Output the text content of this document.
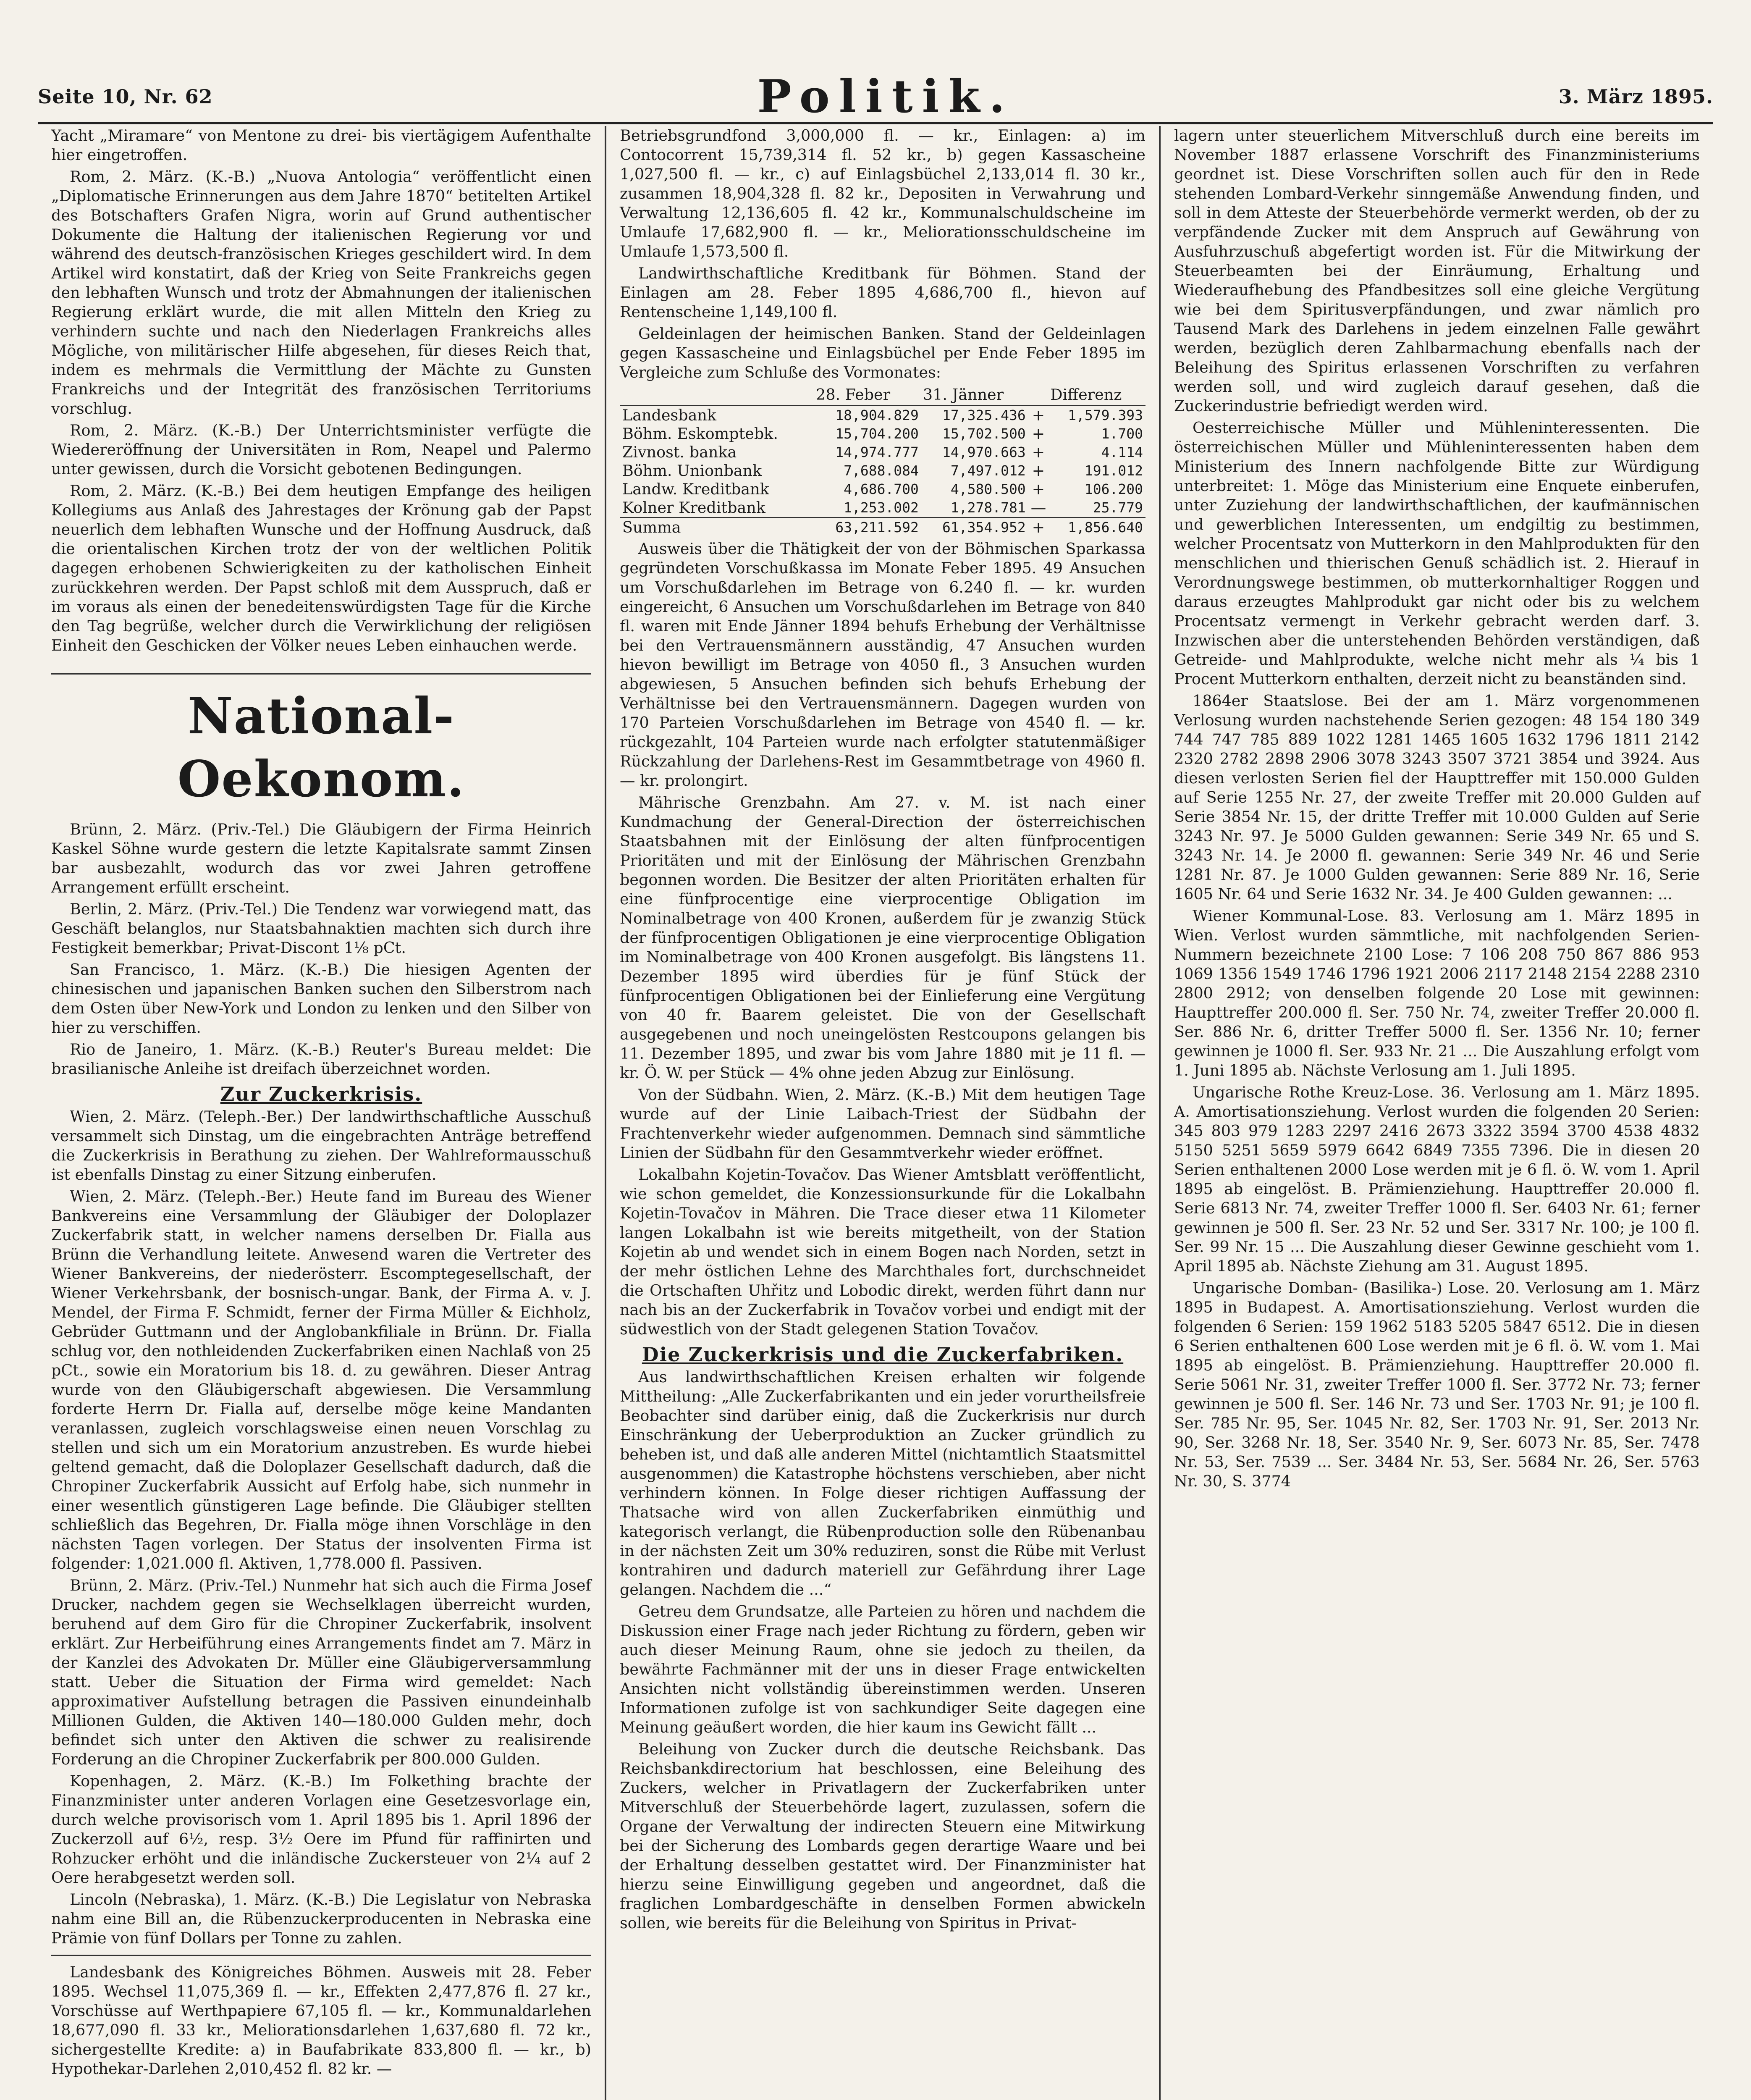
Seite 10, Nr. 62	Politik.	3. März 1895.

Yacht „Miramare“ von Mentone zu drei- bis viertägigem Aufenthalte hier eingetroffen.

Rom, 2. März. (K.-B.) „Nuova Antologia“ veröffentlicht einen „Diplomatische Erinnerungen aus dem Jahre 1870“ betitelten Artikel des Botschafters Grafen Nigra, worin auf Grund authentischer Dokumente die Haltung der italienischen Regierung vor und während des deutsch-französischen Krieges geschildert wird. In dem Artikel wird konstatirt, daß der Krieg von Seite Frankreichs gegen den lebhaften Wunsch und trotz der Abmahnungen der italienischen Regierung erklärt wurde, die mit allen Mitteln den Krieg zu verhindern suchte und nach den Niederlagen Frankreichs alles Mögliche, von militärischer Hilfe abgesehen, für dieses Reich that, indem es mehrmals die Vermittlung der Mächte zu Gunsten Frankreichs und der Integrität des französischen Territoriums vorschlug.

Rom, 2. März. (K.-B.) Der Unterrichtsminister verfügte die Wiedereröffnung der Universitäten in Rom, Neapel und Palermo unter gewissen, durch die Vorsicht gebotenen Bedingungen.

Rom, 2. März. (K.-B.) Bei dem heutigen Empfange des heiligen Kollegiums aus Anlaß des Jahrestages der Krönung gab der Papst neuerlich dem lebhaften Wunsche und der Hoffnung Ausdruck, daß die orientalischen Kirchen trotz der von der weltlichen Politik dagegen erhobenen Schwierigkeiten zu der katholischen Einheit zurückkehren werden. Der Papst schloß mit dem Ausspruch, daß er im voraus als einen der benedeitenswürdigsten Tage für die Kirche den Tag begrüße, welcher durch die Verwirklichung der religiösen Einheit den Geschicken der Völker neues Leben einhauchen werde.

National-Oekonom.

Brünn, 2. März. (Priv.-Tel.) Die Gläubigern der Firma Heinrich Kaskel Söhne wurde gestern die letzte Kapitalsrate sammt Zinsen bar ausbezahlt, wodurch das vor zwei Jahren getroffene Arrangement erfüllt erscheint.

Berlin, 2. März. (Priv.-Tel.) Die Tendenz war vorwiegend matt, das Geschäft belanglos, nur Staatsbahnaktien machten sich durch ihre Festigkeit bemerkbar; Privat-Discont 1⅛ pCt.

San Francisco, 1. März. (K.-B.) Die hiesigen Agenten der chinesischen und japanischen Banken suchen den Silberstrom nach dem Osten über New-York und London zu lenken und den Silber von hier zu verschiffen.

Rio de Janeiro, 1. März. (K.-B.) Reuter's Bureau meldet: Die brasilianische Anleihe ist dreifach überzeichnet worden.

Zur Zuckerkrisis.

Wien, 2. März. (Teleph.-Ber.) Der landwirthschaftliche Ausschuß versammelt sich Dinstag, um die eingebrachten Anträge betreffend die Zuckerkrisis in Berathung zu ziehen. Der Wahlreformausschuß ist ebenfalls Dinstag zu einer Sitzung einberufen.

Wien, 2. März. (Teleph.-Ber.) Heute fand im Bureau des Wiener Bankvereins eine Versammlung der Gläubiger der Doloplazer Zuckerfabrik statt, in welcher namens derselben Dr. Fialla aus Brünn die Verhandlung leitete. Anwesend waren die Vertreter des Wiener Bankvereins, der niederösterr. Escomptegesellschaft, der Wiener Verkehrsbank, der bosnisch-ungar. Bank, der Firma A. v. J. Mendel, der Firma F. Schmidt, ferner der Firma Müller & Eichholz, Gebrüder Guttmann und der Anglobankfiliale in Brünn. Dr. Fialla schlug vor, den nothleidenden Zuckerfabriken einen Nachlaß von 25 pCt., sowie ein Moratorium bis 18. d. zu gewähren. Dieser Antrag wurde von den Gläubigerschaft abgewiesen. Die Versammlung forderte Herrn Dr. Fialla auf, derselbe möge keine Mandanten veranlassen, zugleich vorschlagsweise einen neuen Vorschlag zu stellen und sich um ein Moratorium anzustreben. Es wurde hiebei geltend gemacht, daß die Doloplazer Gesellschaft dadurch, daß die Chropiner Zuckerfabrik Aussicht auf Erfolg habe, sich nunmehr in einer wesentlich günstigeren Lage befinde. Die Gläubiger stellten schließlich das Begehren, Dr. Fialla möge ihnen Vorschläge in den nächsten Tagen vorlegen. Der Status der insolventen Firma ist folgender: 1,021.000 fl. Aktiven, 1,778.000 fl. Passiven.

Brünn, 2. März. (Priv.-Tel.) Nunmehr hat sich auch die Firma Josef Drucker, nachdem gegen sie Wechselklagen überreicht wurden, beruhend auf dem Giro für die Chropiner Zuckerfabrik, insolvent erklärt. Zur Herbeiführung eines Arrangements findet am 7. März in der Kanzlei des Advokaten Dr. Müller eine Gläubigerversammlung statt. Ueber die Situation der Firma wird gemeldet: Nach approximativer Aufstellung betragen die Passiven einundeinhalb Millionen Gulden, die Aktiven 140—180.000 Gulden mehr, doch befindet sich unter den Aktiven die schwer zu realisirende Forderung an die Chropiner Zuckerfabrik per 800.000 Gulden.

Kopenhagen, 2. März. (K.-B.) Im Folkething brachte der Finanzminister unter anderen Vorlagen eine Gesetzesvorlage ein, durch welche provisorisch vom 1. April 1895 bis 1. April 1896 der Zuckerzoll auf 6½, resp. 3½ Oere im Pfund für raffinirten und Rohzucker erhöht und die inländische Zuckersteuer von 2¼ auf 2 Oere herabgesetzt werden soll.

Lincoln (Nebraska), 1. März. (K.-B.) Die Legislatur von Nebraska nahm eine Bill an, die Rübenzuckerproducenten in Nebraska eine Prämie von fünf Dollars per Tonne zu zahlen.

Landesbank des Königreiches Böhmen. Ausweis mit 28. Feber 1895. Wechsel 11,075,369 fl. — kr., Effekten 2,477,876 fl. 27 kr., Vorschüsse auf Werthpapiere 67,105 fl. — kr., Kommunaldarlehen 18,677,090 fl. 33 kr., Meliorationsdarlehen 1,637,680 fl. 72 kr., sichergestellte Kredite: a) in Baufabrikate 833,800 fl. — kr., b) Hypothekar-Darlehen 2,010,452 fl. 82 kr. —

Betriebsgrundfond 3,000,000 fl. — kr., Einlagen: a) im Contocorrent 15,739,314 fl. 52 kr., b) gegen Kassascheine 1,027,500 fl. — kr., c) auf Einlagsbüchel 2,133,014 fl. 30 kr., zusammen 18,904,328 fl. 82 kr., Depositen in Verwahrung und Verwaltung 12,136,605 fl. 42 kr., Kommunalschuldscheine im Umlaufe 17,682,900 fl. — kr., Meliorationsschuldscheine im Umlaufe 1,573,500 fl.

Landwirthschaftliche Kreditbank für Böhmen. Stand der Einlagen am 28. Feber 1895 4,686,700 fl., hievon auf Rentenscheine 1,149,100 fl.

Geldeinlagen der heimischen Banken. Stand der Geldeinlagen gegen Kassascheine und Einlagsbüchel per Ende Feber 1895 im Vergleiche zum Schluße des Vormonates:

	28. Feber	31. Jänner		Differenz
Landesbank	18,904.829	17,325.436	+	1,579.393
Böhm. Eskomptebk.	15,704.200	15,702.500	+	1.700
Zivnost. banka	14,974.777	14,970.663	+	4.114
Böhm. Unionbank	7,688.084	7,497.012	+	191.012
Landw. Kreditbank	4,686.700	4,580.500	+	106.200
Kolner Kreditbank	1,253.002	1,278.781	—	25.779
Summa	63,211.592	61,354.952	+	1,856.640

Ausweis über die Thätigkeit der von der Böhmischen Sparkassa gegründeten Vorschußkassa im Monate Feber 1895. 49 Ansuchen um Vorschußdarlehen im Betrage von 6.240 fl. — kr. wurden eingereicht, 6 Ansuchen um Vorschußdarlehen im Betrage von 840 fl. waren mit Ende Jänner 1894 behufs Erhebung der Verhältnisse bei den Vertrauensmännern ausständig, 47 Ansuchen wurden hievon bewilligt im Betrage von 4050 fl., 3 Ansuchen wurden abgewiesen, 5 Ansuchen befinden sich behufs Erhebung der Verhältnisse bei den Vertrauensmännern. Dagegen wurden von 170 Parteien Vorschußdarlehen im Betrage von 4540 fl. — kr. rückgezahlt, 104 Parteien wurde nach erfolgter statutenmäßiger Rückzahlung der Darlehens-Rest im Gesammtbetrage von 4960 fl. — kr. prolongirt.

Mährische Grenzbahn. Am 27. v. M. ist nach einer Kundmachung der General-Direction der österreichischen Staatsbahnen mit der Einlösung der alten fünfprocentigen Prioritäten und mit der Einlösung der Mährischen Grenzbahn begonnen worden. Die Besitzer der alten Prioritäten erhalten für eine fünfprocentige eine vierprocentige Obligation im Nominalbetrage von 400 Kronen, außerdem für je zwanzig Stück der fünfprocentigen Obligationen je eine vierprocentige Obligation im Nominalbetrage von 400 Kronen ausgefolgt. Bis längstens 11. Dezember 1895 wird überdies für je fünf Stück der fünfprocentigen Obligationen bei der Einlieferung eine Vergütung von 40 fr. Baarem geleistet. Die von der Gesellschaft ausgegebenen und noch uneingelösten Restcoupons gelangen bis 11. Dezember 1895, und zwar bis vom Jahre 1880 mit je 11 fl. — kr. Ö. W. per Stück — 4% ohne jeden Abzug zur Einlösung.

Von der Südbahn. Wien, 2. März. (K.-B.) Mit dem heutigen Tage wurde auf der Linie Laibach-Triest der Südbahn der Frachtenverkehr wieder aufgenommen. Demnach sind sämmtliche Linien der Südbahn für den Gesammtverkehr wieder eröffnet.

Lokalbahn Kojetin-Tovačov. Das Wiener Amtsblatt veröffentlicht, wie schon gemeldet, die Konzessionsurkunde für die Lokalbahn Kojetin-Tovačov in Mähren. Die Trace dieser etwa 11 Kilometer langen Lokalbahn ist wie bereits mitgetheilt, von der Station Kojetin ab und wendet sich in einem Bogen nach Norden, setzt in der mehr östlichen Lehne des Marchthales fort, durchschneidet die Ortschaften Uhřitz und Lobodic direkt, werden führt dann nur nach bis an der Zuckerfabrik in Tovačov vorbei und endigt mit der südwestlich von der Stadt gelegenen Station Tovačov.

Die Zuckerkrisis und die Zuckerfabriken.

Aus landwirthschaftlichen Kreisen erhalten wir folgende Mittheilung: „Alle Zuckerfabrikanten und ein jeder vorurtheilsfreie Beobachter sind darüber einig, daß die Zuckerkrisis nur durch Einschränkung der Ueberproduktion an Zucker gründlich zu beheben ist, und daß alle anderen Mittel (nichtamtlich Staatsmittel ausgenommen) die Katastrophe höchstens verschieben, aber nicht verhindern können. In Folge dieser richtigen Auffassung der Thatsache wird von allen Zuckerfabriken einmüthig und kategorisch verlangt, die Rübenproduction solle den Rübenanbau in der nächsten Zeit um 30% reduziren, sonst die Rübe mit Verlust kontrahiren und dadurch materiell zur Gefährdung ihrer Lage gelangen. Nachdem die ...“

Getreu dem Grundsatze, alle Parteien zu hören und nachdem die Diskussion einer Frage nach jeder Richtung zu fördern, geben wir auch dieser Meinung Raum, ohne sie jedoch zu theilen, da bewährte Fachmänner mit der uns in dieser Frage entwickelten Ansichten nicht vollständig übereinstimmen werden. Unseren Informationen zufolge ist von sachkundiger Seite dagegen eine Meinung geäußert worden, die hier kaum ins Gewicht fällt ...

Beleihung von Zucker durch die deutsche Reichsbank. Das Reichsbankdirectorium hat beschlossen, eine Beleihung des Zuckers, welcher in Privatlagern der Zuckerfabriken unter Mitverschluß der Steuerbehörde lagert, zuzulassen, sofern die Organe der Verwaltung der indirecten Steuern eine Mitwirkung bei der Sicherung des Lombards gegen derartige Waare und bei der Erhaltung desselben gestattet wird. Der Finanzminister hat hierzu seine Einwilligung gegeben und angeordnet, daß die fraglichen Lombardgeschäfte in denselben Formen abwickeln sollen, wie bereits für die Beleihung von Spiritus in Privat-

lagern unter steuerlichem Mitverschluß durch eine bereits im November 1887 erlassene Vorschrift des Finanzministeriums geordnet ist. Diese Vorschriften sollen auch für den in Rede stehenden Lombard-Verkehr sinngemäße Anwendung finden, und soll in dem Atteste der Steuerbehörde vermerkt werden, ob der zu verpfändende Zucker mit dem Anspruch auf Gewährung von Ausfuhrzuschuß abgefertigt worden ist. Für die Mitwirkung der Steuerbeamten bei der Einräumung, Erhaltung und Wiederaufhebung des Pfandbesitzes soll eine gleiche Vergütung wie bei dem Spiritusverpfändungen, und zwar nämlich pro Tausend Mark des Darlehens in jedem einzelnen Falle gewährt werden, bezüglich deren Zahlbarmachung ebenfalls nach der Beleihung des Spiritus erlassenen Vorschriften zu verfahren werden soll, und wird zugleich darauf gesehen, daß die Zuckerindustrie befriedigt werden wird.

Oesterreichische Müller und Mühleninteressenten. Die österreichischen Müller und Mühleninteressenten haben dem Ministerium des Innern nachfolgende Bitte zur Würdigung unterbreitet: 1. Möge das Ministerium eine Enquete einberufen, unter Zuziehung der landwirthschaftlichen, der kaufmännischen und gewerblichen Interessenten, um endgiltig zu bestimmen, welcher Procentsatz von Mutterkorn in den Mahlprodukten für den menschlichen und thierischen Genuß schädlich ist. 2. Hierauf in Verordnungswege bestimmen, ob mutterkornhaltiger Roggen und daraus erzeugtes Mahlprodukt gar nicht oder bis zu welchem Procentsatz vermengt in Verkehr gebracht werden darf. 3. Inzwischen aber die unterstehenden Behörden verständigen, daß Getreide- und Mahlprodukte, welche nicht mehr als ¼ bis 1 Procent Mutterkorn enthalten, derzeit nicht zu beanständen sind.

1864er Staatslose. Bei der am 1. März vorgenommenen Verlosung wurden nachstehende Serien gezogen: 48 154 180 349 744 747 785 889 1022 1281 1465 1605 1632 1796 1811 2142 2320 2782 2898 2906 3078 3243 3507 3721 3854 und 3924. Aus diesen verlosten Serien fiel der Haupttreffer mit 150.000 Gulden auf Serie 1255 Nr. 27, der zweite Treffer mit 20.000 Gulden auf Serie 3854 Nr. 15, der dritte Treffer mit 10.000 Gulden auf Serie 3243 Nr. 97. Je 5000 Gulden gewannen: Serie 349 Nr. 65 und S. 3243 Nr. 14. Je 2000 fl. gewannen: Serie 349 Nr. 46 und Serie 1281 Nr. 87. Je 1000 Gulden gewannen: Serie 889 Nr. 16, Serie 1605 Nr. 64 und Serie 1632 Nr. 34. Je 400 Gulden gewannen: ...

Wiener Kommunal-Lose. 83. Verlosung am 1. März 1895 in Wien. Verlost wurden sämmtliche, mit nachfolgenden Serien-Nummern bezeichnete 2100 Lose: 7 106 208 750 867 886 953 1069 1356 1549 1746 1796 1921 2006 2117 2148 2154 2288 2310 2800 2912; von denselben folgende 20 Lose mit gewinnen: Haupttreffer 200.000 fl. Ser. 750 Nr. 74, zweiter Treffer 20.000 fl. Ser. 886 Nr. 6, dritter Treffer 5000 fl. Ser. 1356 Nr. 10; ferner gewinnen je 1000 fl. Ser. 933 Nr. 21 ... Die Auszahlung erfolgt vom 1. Juni 1895 ab. Nächste Verlosung am 1. Juli 1895.

Ungarische Rothe Kreuz-Lose. 36. Verlosung am 1. März 1895. A. Amortisationsziehung. Verlost wurden die folgenden 20 Serien: 345 803 979 1283 2297 2416 2673 3322 3594 3700 4538 4832 5150 5251 5659 5979 6642 6849 7355 7396. Die in diesen 20 Serien enthaltenen 2000 Lose werden mit je 6 fl. ö. W. vom 1. April 1895 ab eingelöst. B. Prämienziehung. Haupttreffer 20.000 fl. Serie 6813 Nr. 74, zweiter Treffer 1000 fl. Ser. 6403 Nr. 61; ferner gewinnen je 500 fl. Ser. 23 Nr. 52 und Ser. 3317 Nr. 100; je 100 fl. Ser. 99 Nr. 15 ... Die Auszahlung dieser Gewinne geschieht vom 1. April 1895 ab. Nächste Ziehung am 31. August 1895.

Ungarische Domban- (Basilika-) Lose. 20. Verlosung am 1. März 1895 in Budapest. A. Amortisationsziehung. Verlost wurden die folgenden 6 Serien: 159 1962 5183 5205 5847 6512. Die in diesen 6 Serien enthaltenen 600 Lose werden mit je 6 fl. ö. W. vom 1. Mai 1895 ab eingelöst. B. Prämienziehung. Haupttreffer 20.000 fl. Serie 5061 Nr. 31, zweiter Treffer 1000 fl. Ser. 3772 Nr. 73; ferner gewinnen je 500 fl. Ser. 146 Nr. 73 und Ser. 1703 Nr. 91; je 100 fl. Ser. 785 Nr. 95, Ser. 1045 Nr. 82, Ser. 1703 Nr. 91, Ser. 2013 Nr. 90, Ser. 3268 Nr. 18, Ser. 3540 Nr. 9, Ser. 6073 Nr. 85, Ser. 7478 Nr. 53, Ser. 7539 ... Ser. 3484 Nr. 53, Ser. 5684 Nr. 26, Ser. 5763 Nr. 30, S. 3774
